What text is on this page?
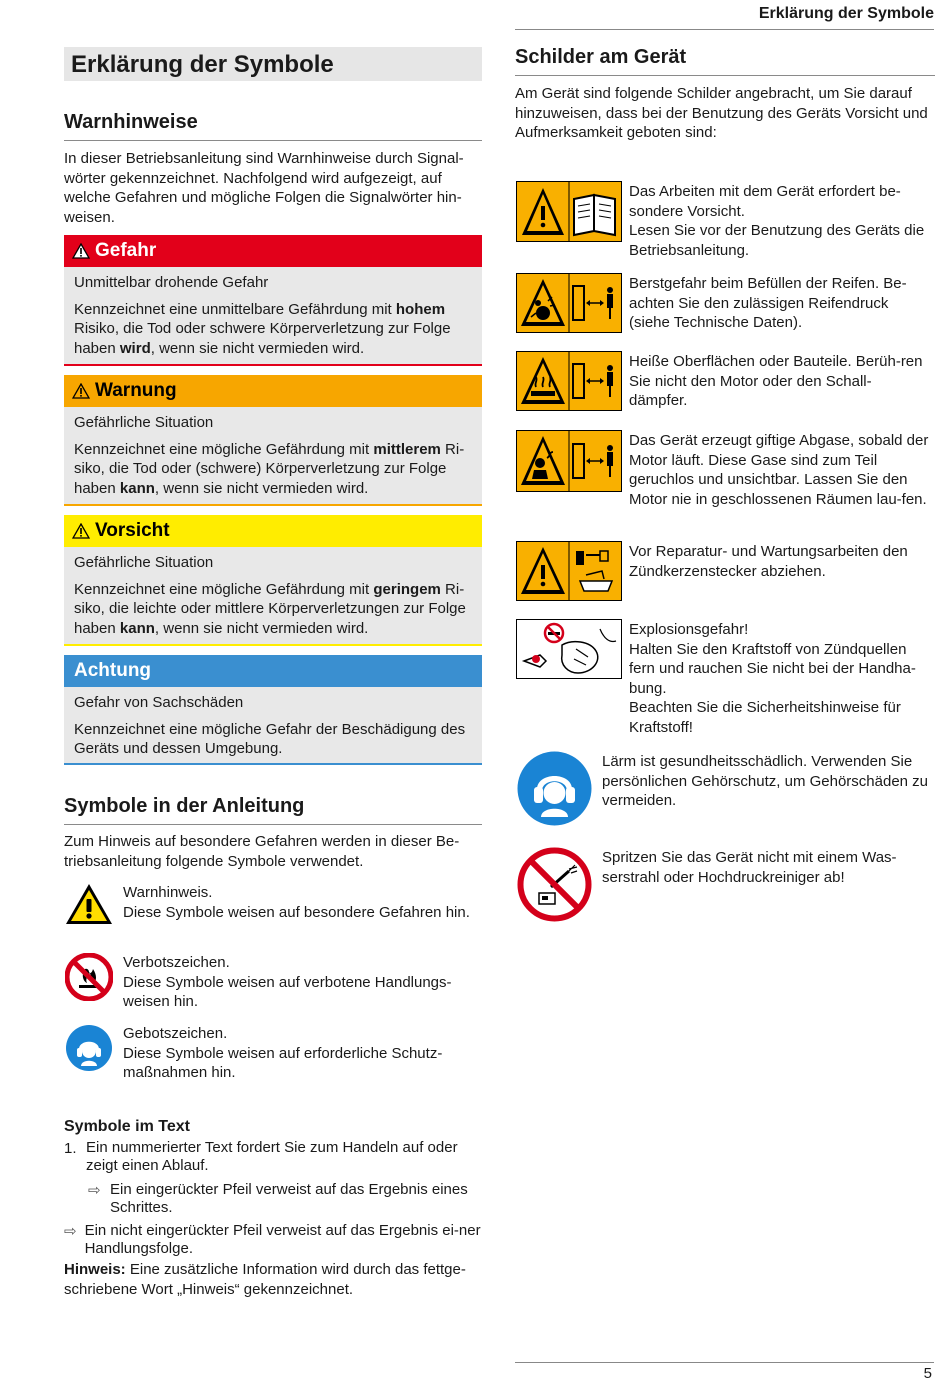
Erklärung der Symbole
Erklärung der Symbole
Warnhinweise

In dieser Betriebsanleitung sind Warnhinweise durch Signal-wörter gekennzeichnet. Nachfolgend wird aufgezeigt, auf welche Gefahren und mögliche Folgen die Signalwörter hin-weisen.

Gefahr
Unmittelbar drohende Gefahr
Kennzeichnet eine unmittelbare Gefährdung mit hohem Risiko, die Tod oder schwere Körperverletzung zur Folge haben wird, wenn sie nicht vermieden wird.
Warnung
Gefährliche Situation
Kennzeichnet eine mögliche Gefährdung mit mittlerem Ri-siko, die Tod oder (schwere) Körperverletzung zur Folge haben kann, wenn sie nicht vermieden wird.
Vorsicht
Gefährliche Situation
Kennzeichnet eine mögliche Gefährdung mit geringem Ri-siko, die leichte oder mittlere Körperverletzungen zur Folge haben kann, wenn sie nicht vermieden wird.
Achtung
Gefahr von Sachschäden
Kennzeichnet eine mögliche Gefahr der Beschädigung des Geräts und dessen Umgebung.
Symbole in der Anleitung

Zum Hinweis auf besondere Gefahren werden in dieser Be-triebsanleitung folgende Symbole verwendet.

Warnhinweis.
Diese Symbole weisen auf besondere Gefahren hin.
Verbotszeichen.
Diese Symbole weisen auf verbotene Handlungs-weisen hin.
Gebotszeichen.
Diese Symbole weisen auf erforderliche Schutz-maßnahmen hin.
Symbole im Text
1. Ein nummerierter Text fordert Sie zum Handeln auf oder zeigt einen Ablauf.
⇨ Ein eingerückter Pfeil verweist auf das Ergebnis eines Schrittes.
⇨ Ein nicht eingerückter Pfeil verweist auf das Ergebnis ei-ner Handlungsfolge.
Hinweis: Eine zusätzliche Information wird durch das fettge-schriebene Wort „Hinweis“ gekennzeichnet.
Schilder am Gerät

Am Gerät sind folgende Schilder angebracht, um Sie darauf hinzuweisen, dass bei der Benutzung des Geräts Vorsicht und Aufmerksamkeit geboten sind:

Das Arbeiten mit dem Gerät erfordert be-sondere Vorsicht.
Lesen Sie vor der Benutzung des Geräts die Betriebsanleitung.
Berstgefahr beim Befüllen der Reifen. Be-achten Sie den zulässigen Reifendruck (siehe Technische Daten).
Heiße Oberflächen oder Bauteile. Berüh-ren Sie nicht den Motor oder den Schall-dämpfer.
Das Gerät erzeugt giftige Abgase, sobald der Motor läuft. Diese Gase sind zum Teil geruchlos und unsichtbar. Lassen Sie den Motor nie in geschlossenen Räumen lau-fen.
Vor Reparatur- und Wartungsarbeiten den Zündkerzenstecker abziehen.
Explosionsgefahr!
Halten Sie den Kraftstoff von Zündquellen fern und rauchen Sie nicht bei der Handha-bung.
Beachten Sie die Sicherheitshinweise für Kraftstoff!
Lärm ist gesundheitsschädlich. Verwenden Sie persönlichen Gehörschutz, um Gehörschäden zu vermeiden.
Spritzen Sie das Gerät nicht mit einem Was-serstrahl oder Hochdruckreiniger ab!
5
